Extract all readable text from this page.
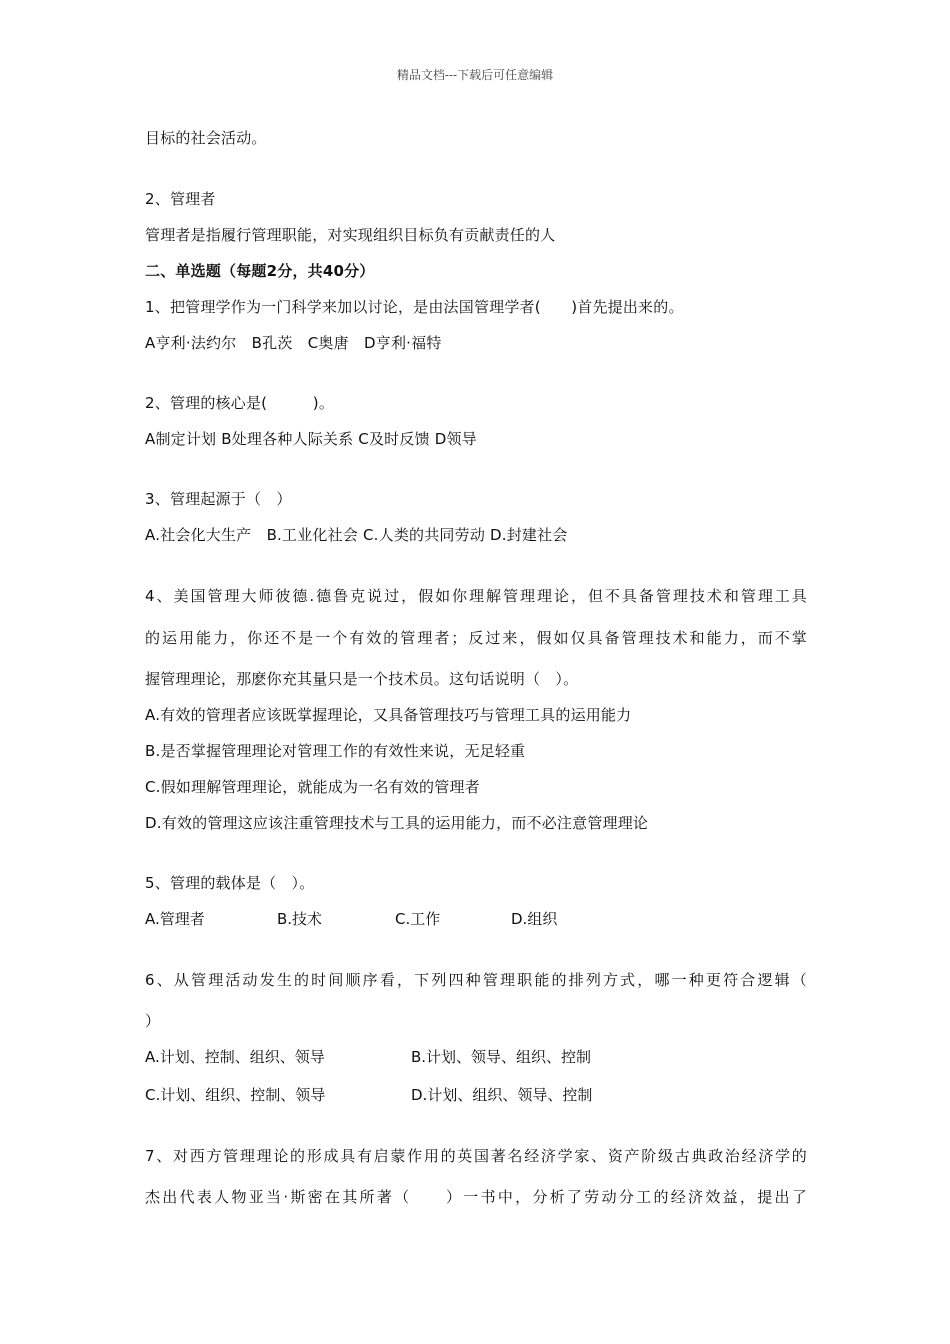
精品文档---下载后可任意编辑
目标的社会活动。
2、管理者
管理者是指履行管理职能，对实现组织目标负有贡献责任的人
二、单选题（每题2分，共40分）
1、把管理学作为一门科学来加以讨论，是由法国管理学者(　　)首先提出来的。
A亨利·法约尔　B孔茨　C奥唐　D亨利·福特
2、管理的核心是(　　　)。
A制定计划 B处理各种人际关系 C及时反馈 D领导
3、管理起源于（　）
A.社会化大生产　B.工业化社会 C.人类的共同劳动 D.封建社会
4、美国管理大师彼德.德鲁克说过，假如你理解管理理论，但不具备管理技术和管理工具
的运用能力，你还不是一个有效的管理者；反过来，假如仅具备管理技术和能力，而不掌
握管理理论，那麽你充其量只是一个技术员。这句话说明（　）。
A.有效的管理者应该既掌握理论，又具备管理技巧与管理工具的运用能力
B.是否掌握管理理论对管理工作的有效性来说，无足轻重
C.假如理解管理理论，就能成为一名有效的管理者
D.有效的管理这应该注重管理技术与工具的运用能力，而不必注意管理理论
5、管理的载体是（　）。
A.管理者	B.技术	C.工作	D.组织
6、从管理活动发生的时间顺序看，下列四种管理职能的排列方式，哪一种更符合逻辑（
）
A.计划、控制、组织、领导	B.计划、领导、组织、控制
C.计划、组织、控制、领导	D.计划、组织、领导、控制
7、对西方管理理论的形成具有启蒙作用的英国著名经济学家、资产阶级古典政治经济学的
杰出代表人物亚当·斯密在其所著（　　）一书中，分析了劳动分工的经济效益，提出了
